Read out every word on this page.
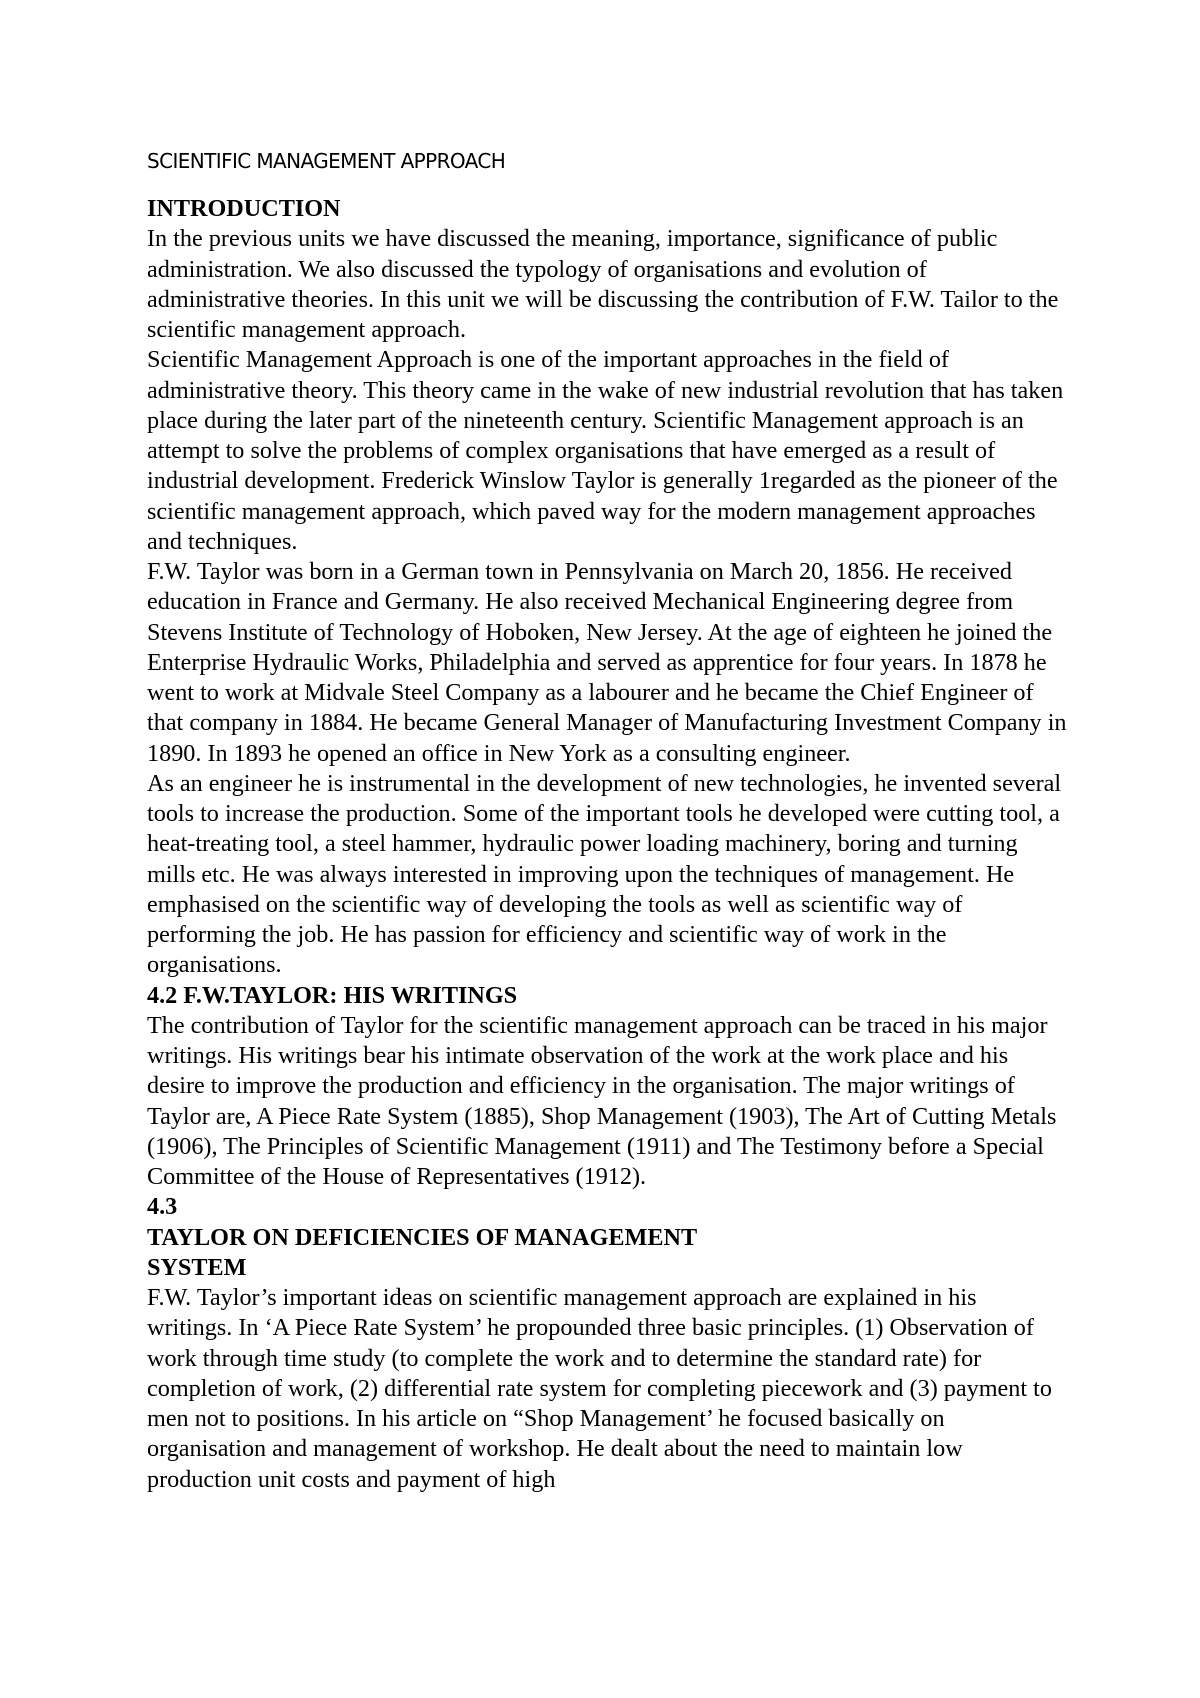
SCIENTIFIC MANAGEMENT APPROACH
INTRODUCTION
In the previous units we have discussed the meaning, importance, significance of public administration. We also discussed the typology of organisations and evolution of administrative theories. In this unit we will be discussing the contribution of F.W. Tailor to the scientific management approach.
Scientific Management Approach is one of the important approaches in the field of administrative theory. This theory came in the wake of new industrial revolution that has taken place during the later part of the nineteenth century. Scientific Management approach is an attempt to solve the problems of complex organisations that have emerged as a result of industrial development. Frederick Winslow Taylor is generally 1regarded as the pioneer of the scientific management approach, which paved way for the modern management approaches and techniques.
F.W. Taylor was born in a German town in Pennsylvania on March 20, 1856. He received education in France and Germany. He also received Mechanical Engineering degree from Stevens Institute of Technology of Hoboken, New Jersey. At the age of eighteen he joined the Enterprise Hydraulic Works, Philadelphia and served as apprentice for four years. In 1878 he went to work at Midvale Steel Company as a labourer and he became the Chief Engineer of that company in 1884. He became General Manager of Manufacturing Investment Company in 1890. In 1893 he opened an office in New York as a consulting engineer.
As an engineer he is instrumental in the development of new technologies, he invented several tools to increase the production. Some of the important tools he developed were cutting tool, a heat-treating tool, a steel hammer, hydraulic power loading machinery, boring and turning mills etc. He was always interested in improving upon the techniques of management. He emphasised on the scientific way of developing the tools as well as scientific way of performing the job. He has passion for efficiency and scientific way of work in the organisations.
4.2 F.W.TAYLOR: HIS WRITINGS
The contribution of Taylor for the scientific management approach can be traced in his major writings. His writings bear his intimate observation of the work at the work place and his desire to improve the production and efficiency in the organisation. The major writings of Taylor are, A Piece Rate System (1885), Shop Management (1903), The Art of Cutting Metals (1906), The Principles of Scientific Management (1911) and The Testimony before a Special Committee of the House of Representatives (1912).
4.3
TAYLOR ON DEFICIENCIES OF MANAGEMENT
SYSTEM
F.W. Taylor’s important ideas on scientific management approach are explained in his writings. In ‘A Piece Rate System’ he propounded three basic principles. (1) Observation of work through time study (to complete the work and to determine the standard rate) for completion of work, (2) differential rate system for completing piecework and (3) payment to men not to positions. In his article on “Shop Management’ he focused basically on organisation and management of workshop. He dealt about the need to maintain low production unit costs and payment of high
